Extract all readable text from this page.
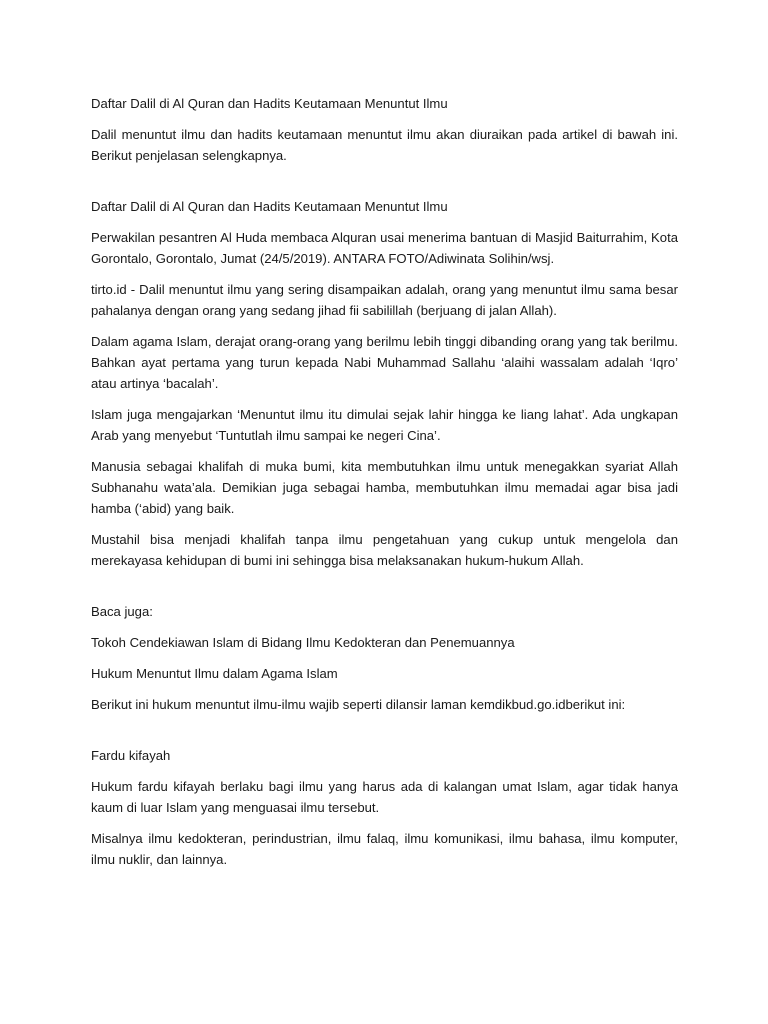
Daftar Dalil di Al Quran dan Hadits Keutamaan Menuntut Ilmu

Dalil menuntut ilmu dan hadits keutamaan menuntut ilmu akan diuraikan pada artikel di bawah ini. Berikut penjelasan selengkapnya.

Daftar Dalil di Al Quran dan Hadits Keutamaan Menuntut Ilmu

Perwakilan pesantren Al Huda membaca Alquran usai menerima bantuan di Masjid Baiturrahim, Kota Gorontalo, Gorontalo, Jumat (24/5/2019). ANTARA FOTO/Adiwinata Solihin/wsj.

tirto.id - Dalil menuntut ilmu yang sering disampaikan adalah, orang yang menuntut ilmu sama besar pahalanya dengan orang yang sedang jihad fii sabilillah (berjuang di jalan Allah).

Dalam agama Islam, derajat orang-orang yang berilmu lebih tinggi dibanding orang yang tak berilmu. Bahkan ayat pertama yang turun kepada Nabi Muhammad Sallahu ‘alaihi wassalam adalah ‘Iqro’ atau artinya ‘bacalah’.

Islam juga mengajarkan ‘Menuntut ilmu itu dimulai sejak lahir hingga ke liang lahat’. Ada ungkapan Arab yang menyebut ‘Tuntutlah ilmu sampai ke negeri Cina’.

Manusia sebagai khalifah di muka bumi, kita membutuhkan ilmu untuk menegakkan syariat Allah Subhanahu wata’ala. Demikian juga sebagai hamba, membutuhkan ilmu memadai agar bisa jadi hamba (‘abid) yang baik.

Mustahil bisa menjadi khalifah tanpa ilmu pengetahuan yang cukup untuk mengelola dan merekayasa kehidupan di bumi ini sehingga bisa melaksanakan hukum-hukum Allah.

Baca juga:

Tokoh Cendekiawan Islam di Bidang Ilmu Kedokteran dan Penemuannya

Hukum Menuntut Ilmu dalam Agama Islam

Berikut ini hukum menuntut ilmu-ilmu wajib seperti dilansir laman kemdikbud.go.idberikut ini:

Fardu kifayah

Hukum fardu kifayah berlaku bagi ilmu yang harus ada di kalangan umat Islam, agar tidak hanya kaum di luar Islam yang menguasai ilmu tersebut.

Misalnya ilmu kedokteran, perindustrian, ilmu falaq, ilmu komunikasi, ilmu bahasa, ilmu komputer, ilmu nuklir, dan lainnya.
